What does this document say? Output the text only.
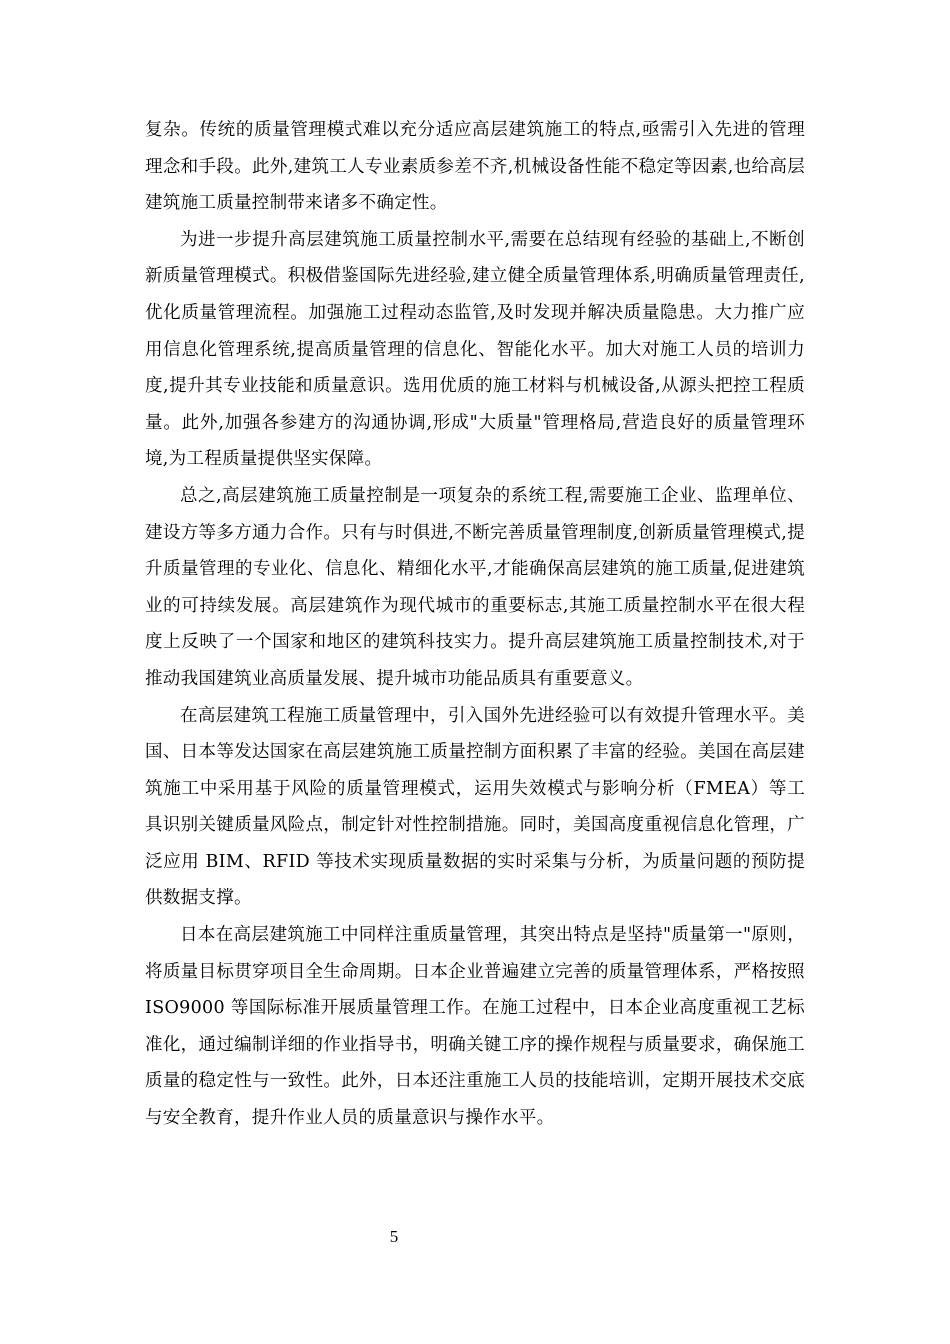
复杂。传统的质量管理模式难以充分适应高层建筑施工的特点,亟需引入先进的管理理念和手段。此外,建筑工人专业素质参差不齐,机械设备性能不稳定等因素,也给高层建筑施工质量控制带来诸多不确定性。

为进一步提升高层建筑施工质量控制水平,需要在总结现有经验的基础上,不断创新质量管理模式。积极借鉴国际先进经验,建立健全质量管理体系,明确质量管理责任,优化质量管理流程。加强施工过程动态监管,及时发现并解决质量隐患。大力推广应用信息化管理系统,提高质量管理的信息化、智能化水平。加大对施工人员的培训力度,提升其专业技能和质量意识。选用优质的施工材料与机械设备,从源头把控工程质量。此外,加强各参建方的沟通协调,形成"大质量"管理格局,营造良好的质量管理环境,为工程质量提供坚实保障。

总之,高层建筑施工质量控制是一项复杂的系统工程,需要施工企业、监理单位、建设方等多方通力合作。只有与时俱进,不断完善质量管理制度,创新质量管理模式,提升质量管理的专业化、信息化、精细化水平,才能确保高层建筑的施工质量,促进建筑业的可持续发展。高层建筑作为现代城市的重要标志,其施工质量控制水平在很大程度上反映了一个国家和地区的建筑科技实力。提升高层建筑施工质量控制技术,对于推动我国建筑业高质量发展、提升城市功能品质具有重要意义。

在高层建筑工程施工质量管理中，引入国外先进经验可以有效提升管理水平。美国、日本等发达国家在高层建筑施工质量控制方面积累了丰富的经验。美国在高层建筑施工中采用基于风险的质量管理模式，运用失效模式与影响分析（FMEA）等工具识别关键质量风险点，制定针对性控制措施。同时，美国高度重视信息化管理，广泛应用 BIM、RFID 等技术实现质量数据的实时采集与分析，为质量问题的预防提供数据支撑。

日本在高层建筑施工中同样注重质量管理，其突出特点是坚持"质量第一"原则，将质量目标贯穿项目全生命周期。日本企业普遍建立完善的质量管理体系，严格按照 ISO9000 等国际标准开展质量管理工作。在施工过程中，日本企业高度重视工艺标准化，通过编制详细的作业指导书，明确关键工序的操作规程与质量要求，确保施工质量的稳定性与一致性。此外，日本还注重施工人员的技能培训，定期开展技术交底与安全教育，提升作业人员的质量意识与操作水平。

5
